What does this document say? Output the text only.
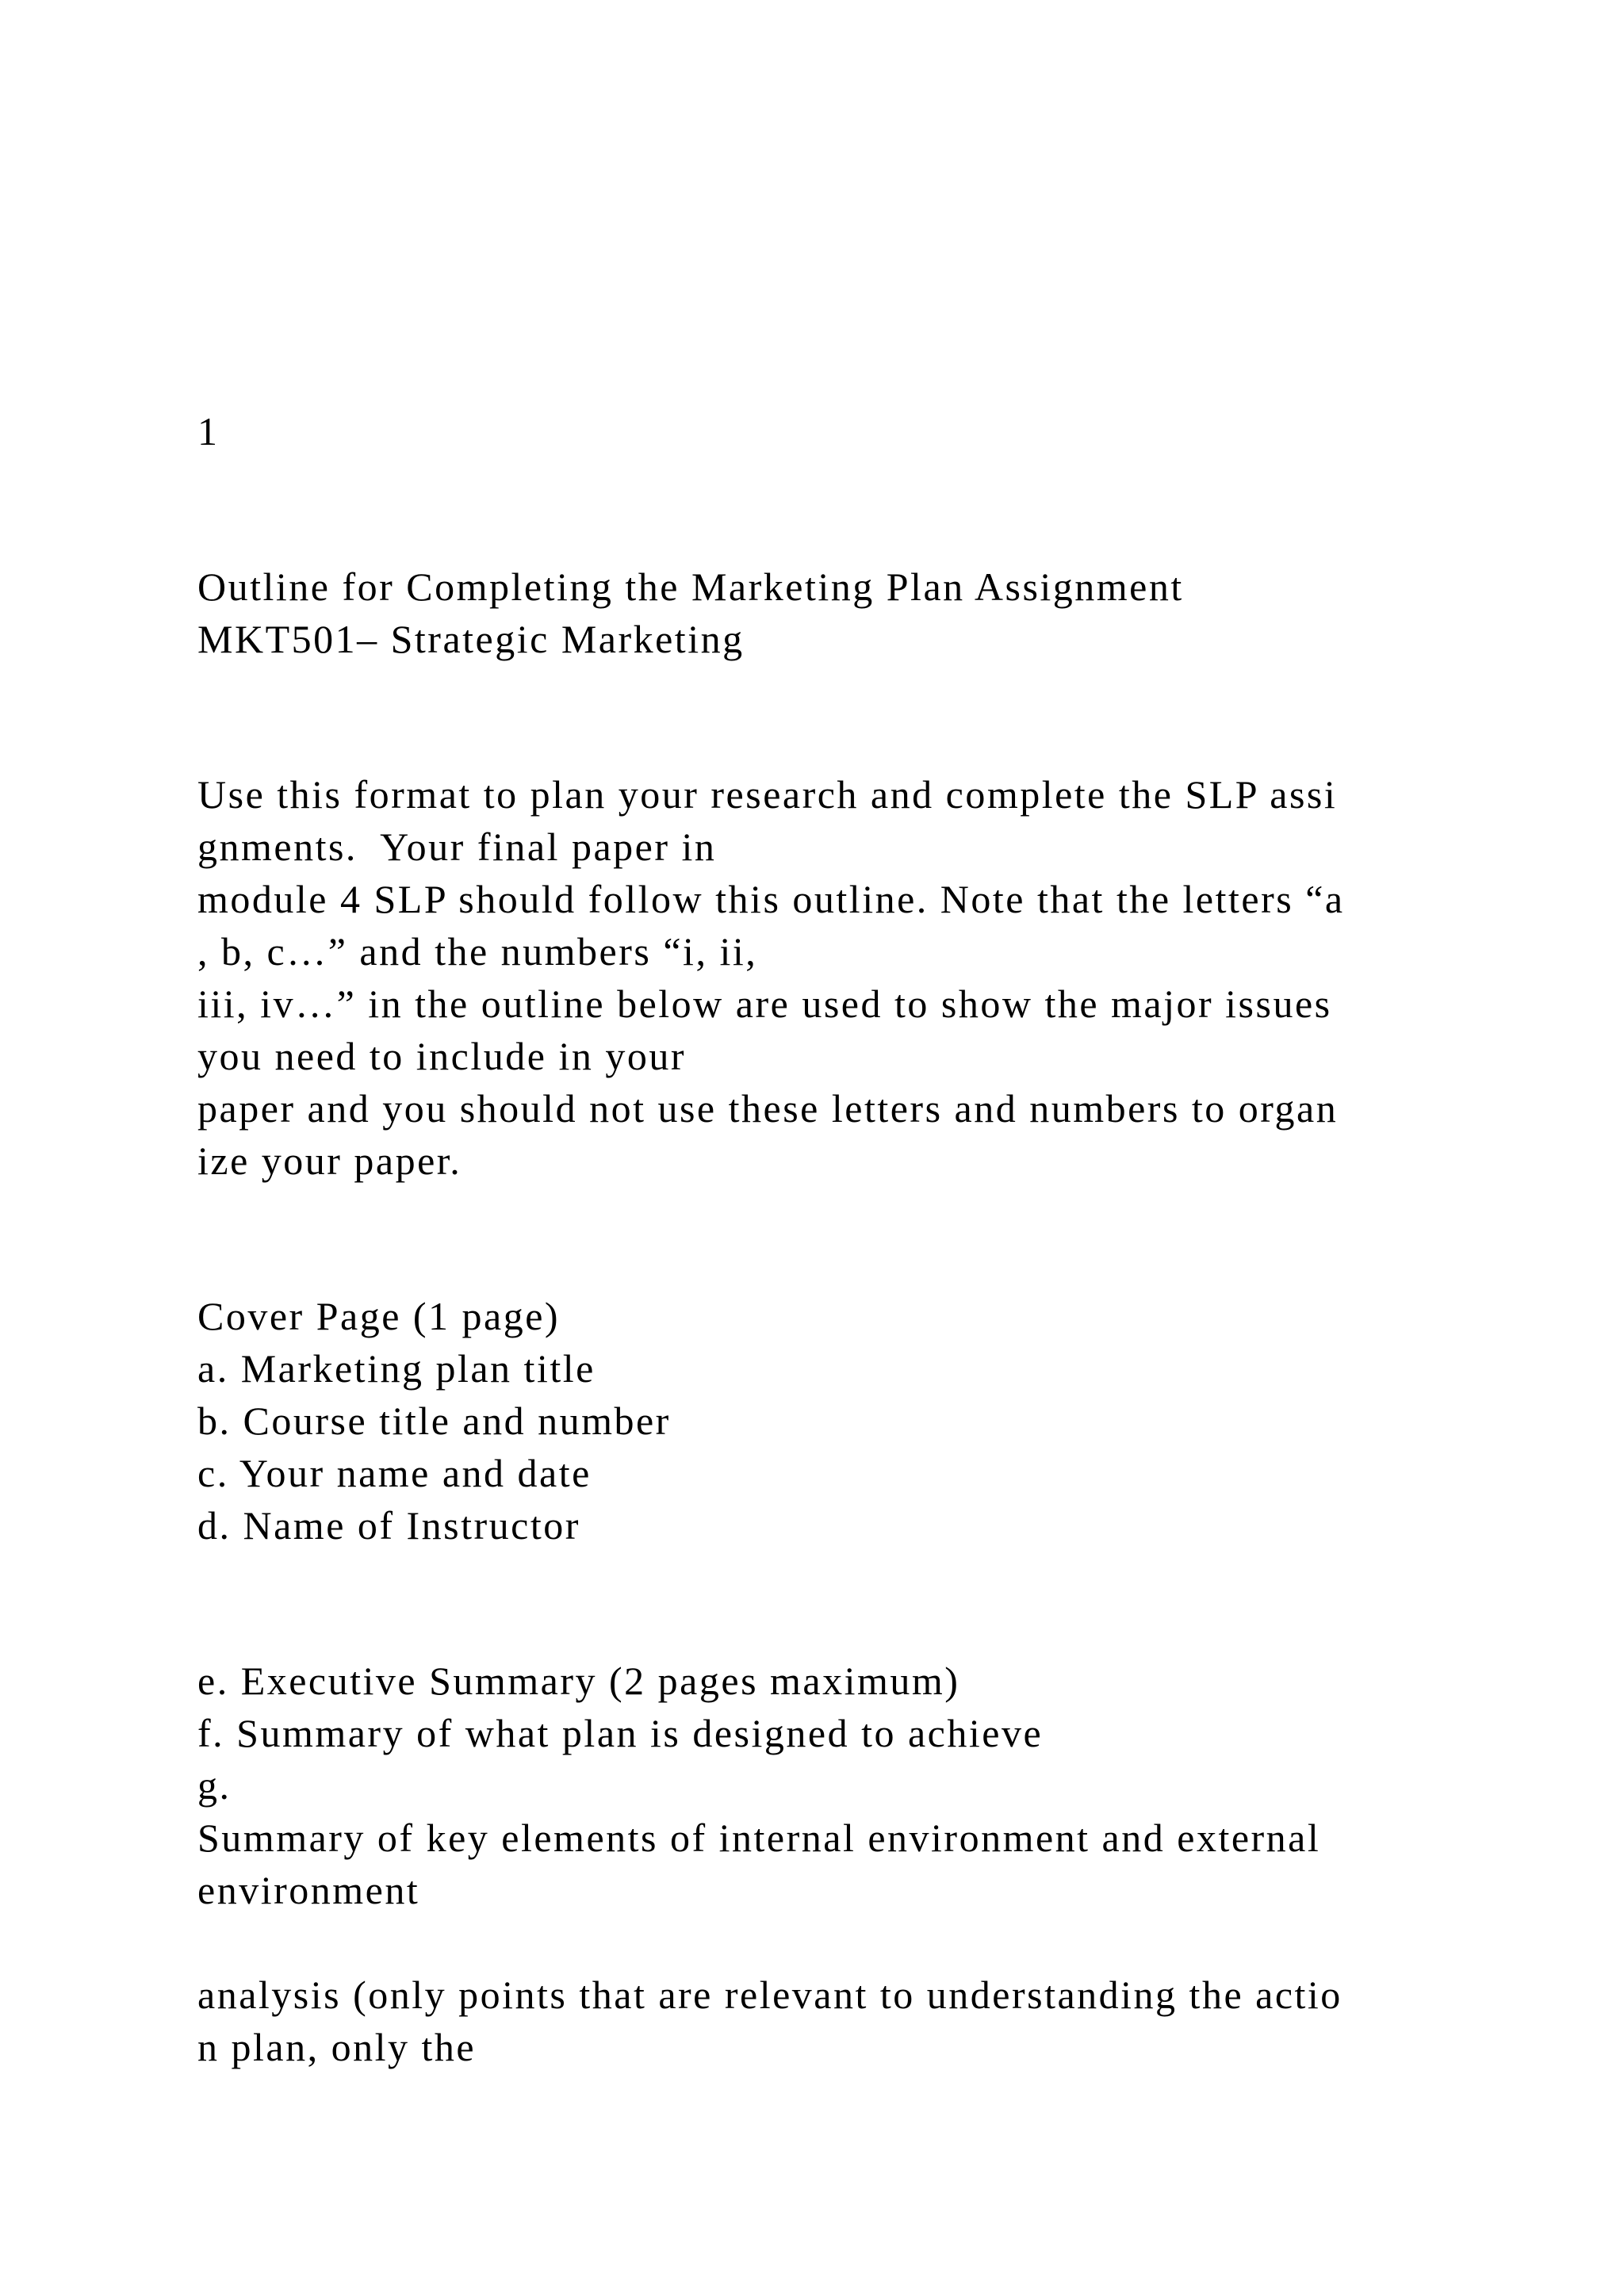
1
Outline for Completing the Marketing Plan Assignment
MKT501– Strategic Marketing
Use this format to plan your research and complete the SLP assi
gnments.  Your final paper in
module 4 SLP should follow this outline. Note that the letters “a
, b, c…” and the numbers “i, ii,
iii, iv…” in the outline below are used to show the major issues
you need to include in your
paper and you should not use these letters and numbers to organ
ize your paper.
Cover Page (1 page)
a. Marketing plan title
b. Course title and number
c. Your name and date
d. Name of Instructor
e. Executive Summary (2 pages maximum)
f. Summary of what plan is designed to achieve
g.
Summary of key elements of internal environment and external
environment
analysis (only points that are relevant to understanding the actio
n plan, only the
